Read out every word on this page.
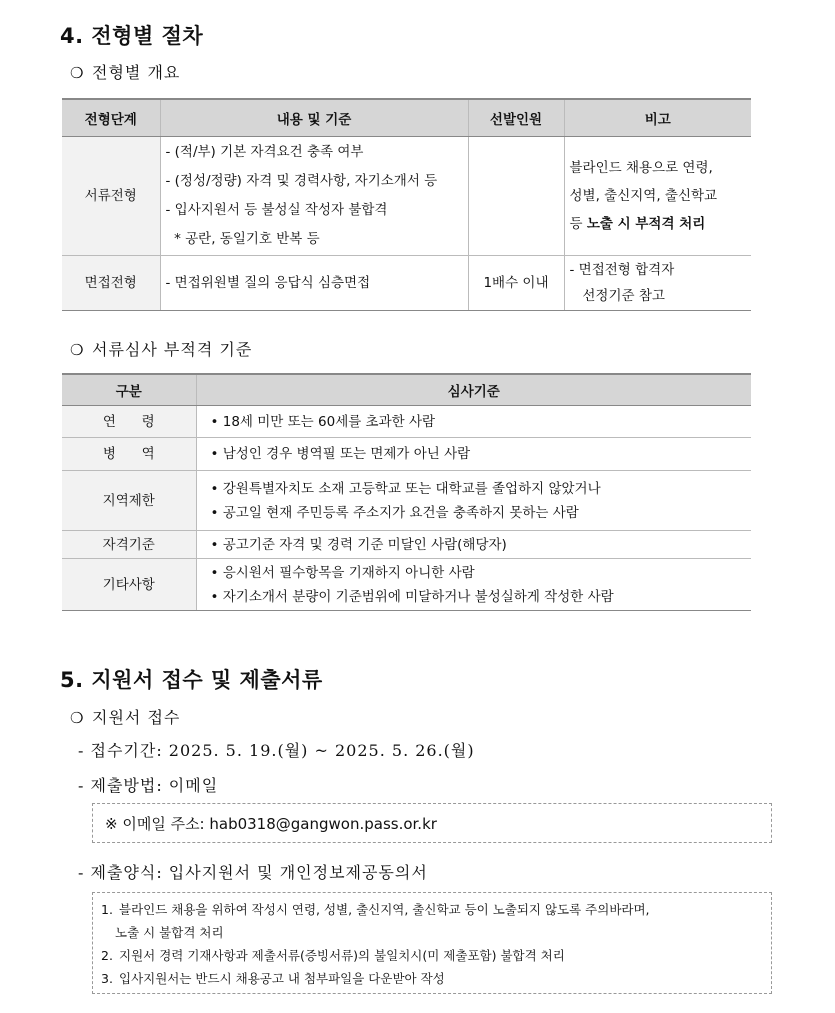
4. 전형별 절차

❍ 전형별 개요

전형단계	내용 및 기준	선발인원	비고
서류전형	- (적/부) 기본 자격요건 충족 여부
- (정성/정량) 자격 및 경력사항, 자기소개서 등
- 입사지원서 등 불성실 작성자 불합격
* 공란, 동일기호 반복 등		블라인드 채용으로 연령,
성별, 출신지역, 출신학교
등 노출 시 부적격 처리

면접전형	- 면접위원별 질의 응답식 심층면접	1배수 이내	- 면접전형 합격자
선정기준 참고

❍ 서류심사 부적격 기준

구분	심사기준
연      령	• 18세 미만 또는 60세를 초과한 사람

병      역	• 남성인 경우 병역필 또는 면제가 아닌 사람

지역제한	• 강원특별자치도 소재 고등학교 또는 대학교를 졸업하지 않았거나
• 공고일 현재 주민등록 주소지가 요건을 충족하지 못하는 사람

자격기준	• 공고기준 자격 및 경력 기준 미달인 사람(해당자)

기타사항	• 응시원서 필수항목을 기재하지 아니한 사람
• 자기소개서 분량이 기준범위에 미달하거나 불성실하게 작성한 사람
5. 지원서 접수 및 제출서류

❍ 지원서 접수

- 접수기간: 2025. 5. 19.(월) ~ 2025. 5. 26.(월)

- 제출방법: 이메일

※ 이메일 주소: hab0318@gangwon.pass.or.kr

- 제출양식: 입사지원서 및 개인정보제공동의서

1. 블라인드 채용을 위하여 작성시 연령, 성별, 출신지역, 출신학교 등이 노출되지 않도록 주의바라며,
노출 시 불합격 처리
2. 지원서 경력 기재사항과 제출서류(증빙서류)의 불일치시(미 제출포함) 불합격 처리
3. 입사지원서는 반드시 채용공고 내 첨부파일을 다운받아 작성
